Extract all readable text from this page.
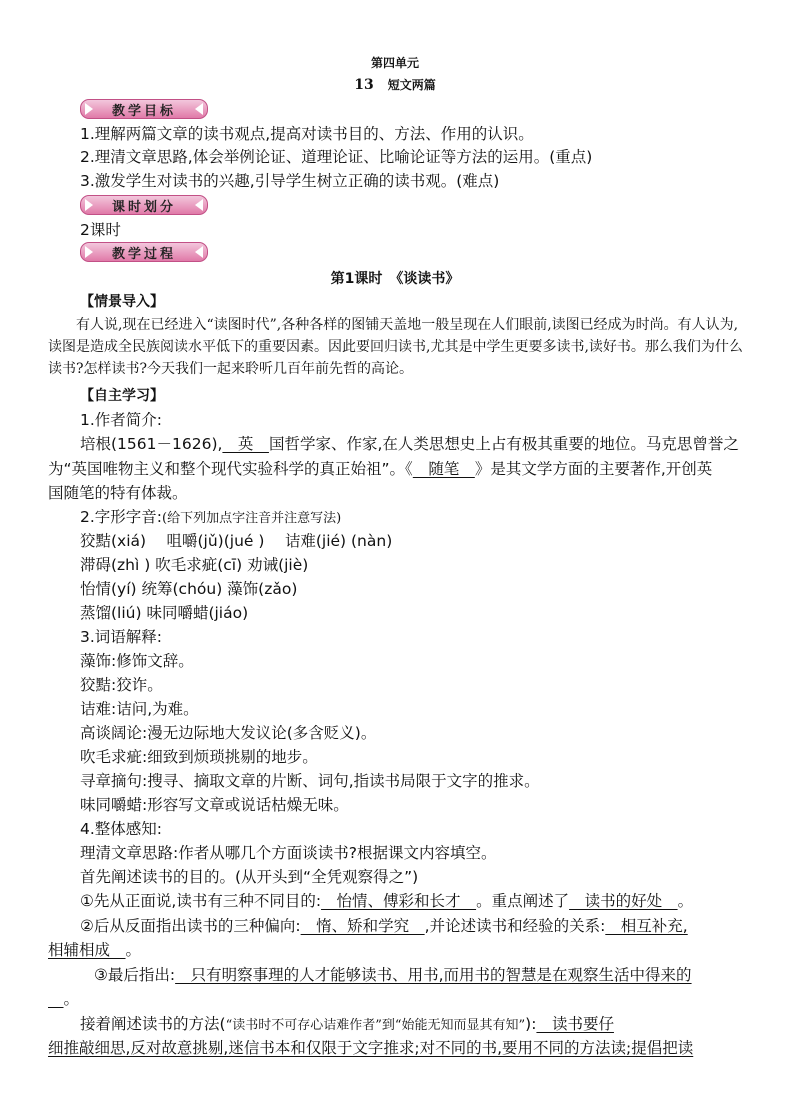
第四单元
13 短文两篇
教学目标
1.理解两篇文章的读书观点,提高对读书目的、方法、作用的认识。
2.理清文章思路,体会举例论证、道理论证、比喻论证等方法的运用。(重点)
3.激发学生对读书的兴趣,引导学生树立正确的读书观。(难点)
课时划分
2课时
教学过程
第1课时　《谈读书》
【情景导入】
有人说,现在已经进入“读图时代”,各种各样的图铺天盖地一般呈现在人们眼前,读图已经成为时尚。有人认为,读图是造成全民族阅读水平低下的重要因素。因此要回归读书,尤其是中学生更要多读书,读好书。那么我们为什么读书?怎样读书?今天我们一起来聆听几百年前先哲的高论。
【自主学习】
1.作者简介:
培根(1561－1626),　英　国哲学家、作家,在人类思想史上占有极其重要的地位。马克思曾誉之
为“英国唯物主义和整个现代实验科学的真正始祖”。《　随笔　》是其文学方面的主要著作,开创英
国随笔的特有体裁。
2.字形字音:(给下列加点字注音并注意写法)
狡黠(xiá)　 咀嚼(jǔ)(jué )　 诘难(jié) (nàn)
滞碍(zhì ) 吹毛求疵(cī) 劝诫(jiè)
怡情(yí) 统筹(chóu) 藻饰(zǎo)
蒸馏(liú) 味同嚼蜡(jiáo)
3.词语解释:
藻饰:修饰文辞。
狡黠:狡诈。
诘难:诘问,为难。
高谈阔论:漫无边际地大发议论(多含贬义)。
吹毛求疵:细致到烦琐挑剔的地步。
寻章摘句:搜寻、摘取文章的片断、词句,指读书局限于文字的推求。
味同嚼蜡:形容写文章或说话枯燥无味。
4.整体感知:
理清文章思路:作者从哪几个方面谈读书?根据课文内容填空。
首先阐述读书的目的。(从开头到“全凭观察得之”)
①先从正面说,读书有三种不同目的:　怡情、傅彩和长才　。重点阐述了　读书的好处　。
②后从反面指出读书的三种偏向:　惰、矫和学究　,并论述读书和经验的关系:　相互补充,
相辅相成　。
③最后指出:　只有明察事理的人才能够读书、用书,而用书的智慧是在观察生活中得来的
　。
接着阐述读书的方法(“读书时不可存心诘难作者”到“始能无知而显其有知”):　读书要仔
细推敲细思,反对故意挑剔,迷信书本和仅限于文字推求;对不同的书,要用不同的方法读;提倡把读
